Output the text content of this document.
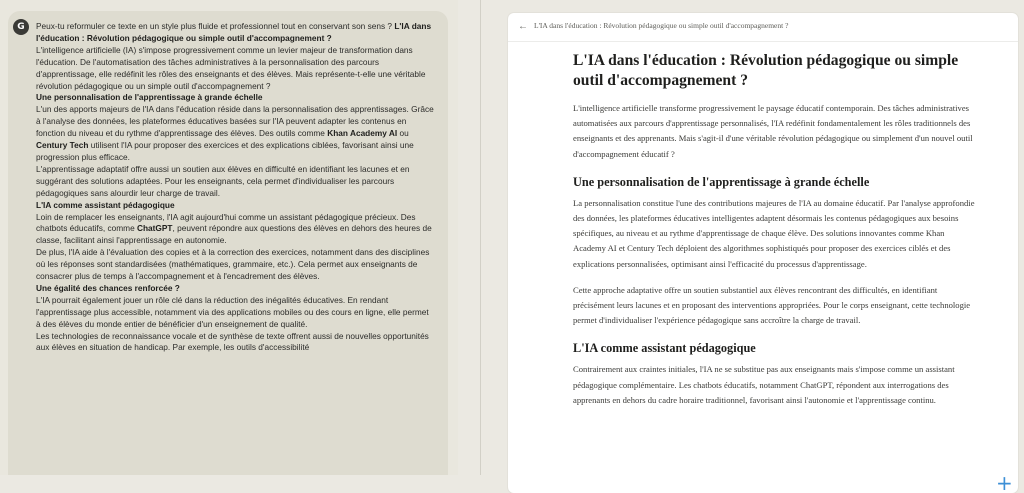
G	Peux-tu reformuler ce texte en un style plus fluide et professionnel tout en conservant son sens ? L'IA dans l'éducation : Révolution pédagogique ou simple outil d'accompagnement ?

L'intelligence artificielle (IA) s'impose progressivement comme un levier majeur de transformation dans l'éducation. De l'automatisation des tâches administratives à la personnalisation des parcours d'apprentissage, elle redéfinit les rôles des enseignants et des élèves. Mais représente-t-elle une véritable révolution pédagogique ou un simple outil d'accompagnement ?

Une personnalisation de l'apprentissage à grande échelle

L'un des apports majeurs de l'IA dans l'éducation réside dans la personnalisation des apprentissages. Grâce à l'analyse des données, les plateformes éducatives basées sur l'IA peuvent adapter les contenus en fonction du niveau et du rythme d'apprentissage des élèves. Des outils comme Khan Academy AI ou Century Tech utilisent l'IA pour proposer des exercices et des explications ciblées, favorisant ainsi une progression plus efficace.

L'apprentissage adaptatif offre aussi un soutien aux élèves en difficulté en identifiant les lacunes et en suggérant des solutions adaptées. Pour les enseignants, cela permet d'individualiser les parcours pédagogiques sans alourdir leur charge de travail.

L'IA comme assistant pédagogique

Loin de remplacer les enseignants, l'IA agit aujourd'hui comme un assistant pédagogique précieux. Des chatbots éducatifs, comme ChatGPT, peuvent répondre aux questions des élèves en dehors des heures de classe, facilitant ainsi l'apprentissage en autonomie.

De plus, l'IA aide à l'évaluation des copies et à la correction des exercices, notamment dans des disciplines où les réponses sont standardisées (mathématiques, grammaire, etc.). Cela permet aux enseignants de consacrer plus de temps à l'accompagnement et à l'encadrement des élèves.

Une égalité des chances renforcée ?

L'IA pourrait également jouer un rôle clé dans la réduction des inégalités éducatives. En rendant l'apprentissage plus accessible, notamment via des applications mobiles ou des cours en ligne, elle permet à des élèves du monde entier de bénéficier d'un enseignement de qualité.

Les technologies de reconnaissance vocale et de synthèse de texte offrent aussi de nouvelles opportunités aux élèves en situation de handicap. Par exemple, les outils d'accessibilité

← L'IA dans l'éducation : Révolution pédagogique ou simple outil d'accompagnement ?
L'IA dans l'éducation : Révolution pédagogique ou simple outil d'accompagnement ?

L'intelligence artificielle transforme progressivement le paysage éducatif contemporain. Des tâches administratives automatisées aux parcours d'apprentissage personnalisés, l'IA redéfinit fondamentalement les rôles traditionnels des enseignants et des apprenants. Mais s'agit-il d'une véritable révolution pédagogique ou simplement d'un nouvel outil d'accompagnement éducatif ?

Une personnalisation de l'apprentissage à grande échelle

La personnalisation constitue l'une des contributions majeures de l'IA au domaine éducatif. Par l'analyse approfondie des données, les plateformes éducatives intelligentes adaptent désormais les contenus pédagogiques aux besoins spécifiques, au niveau et au rythme d'apprentissage de chaque élève. Des solutions innovantes comme Khan Academy AI et Century Tech déploient des algorithmes sophistiqués pour proposer des exercices ciblés et des explications personnalisées, optimisant ainsi l'efficacité du processus d'apprentissage.

Cette approche adaptative offre un soutien substantiel aux élèves rencontrant des difficultés, en identifiant précisément leurs lacunes et en proposant des interventions appropriées. Pour le corps enseignant, cette technologie permet d'individualiser l'expérience pédagogique sans accroître la charge de travail.

L'IA comme assistant pédagogique

Contrairement aux craintes initiales, l'IA ne se substitue pas aux enseignants mais s'impose comme un assistant pédagogique complémentaire. Les chatbots éducatifs, notamment ChatGPT, répondent aux interrogations des apprenants en dehors du cadre horaire traditionnel, favorisant ainsi l'autonomie et l'apprentissage continu.

+
